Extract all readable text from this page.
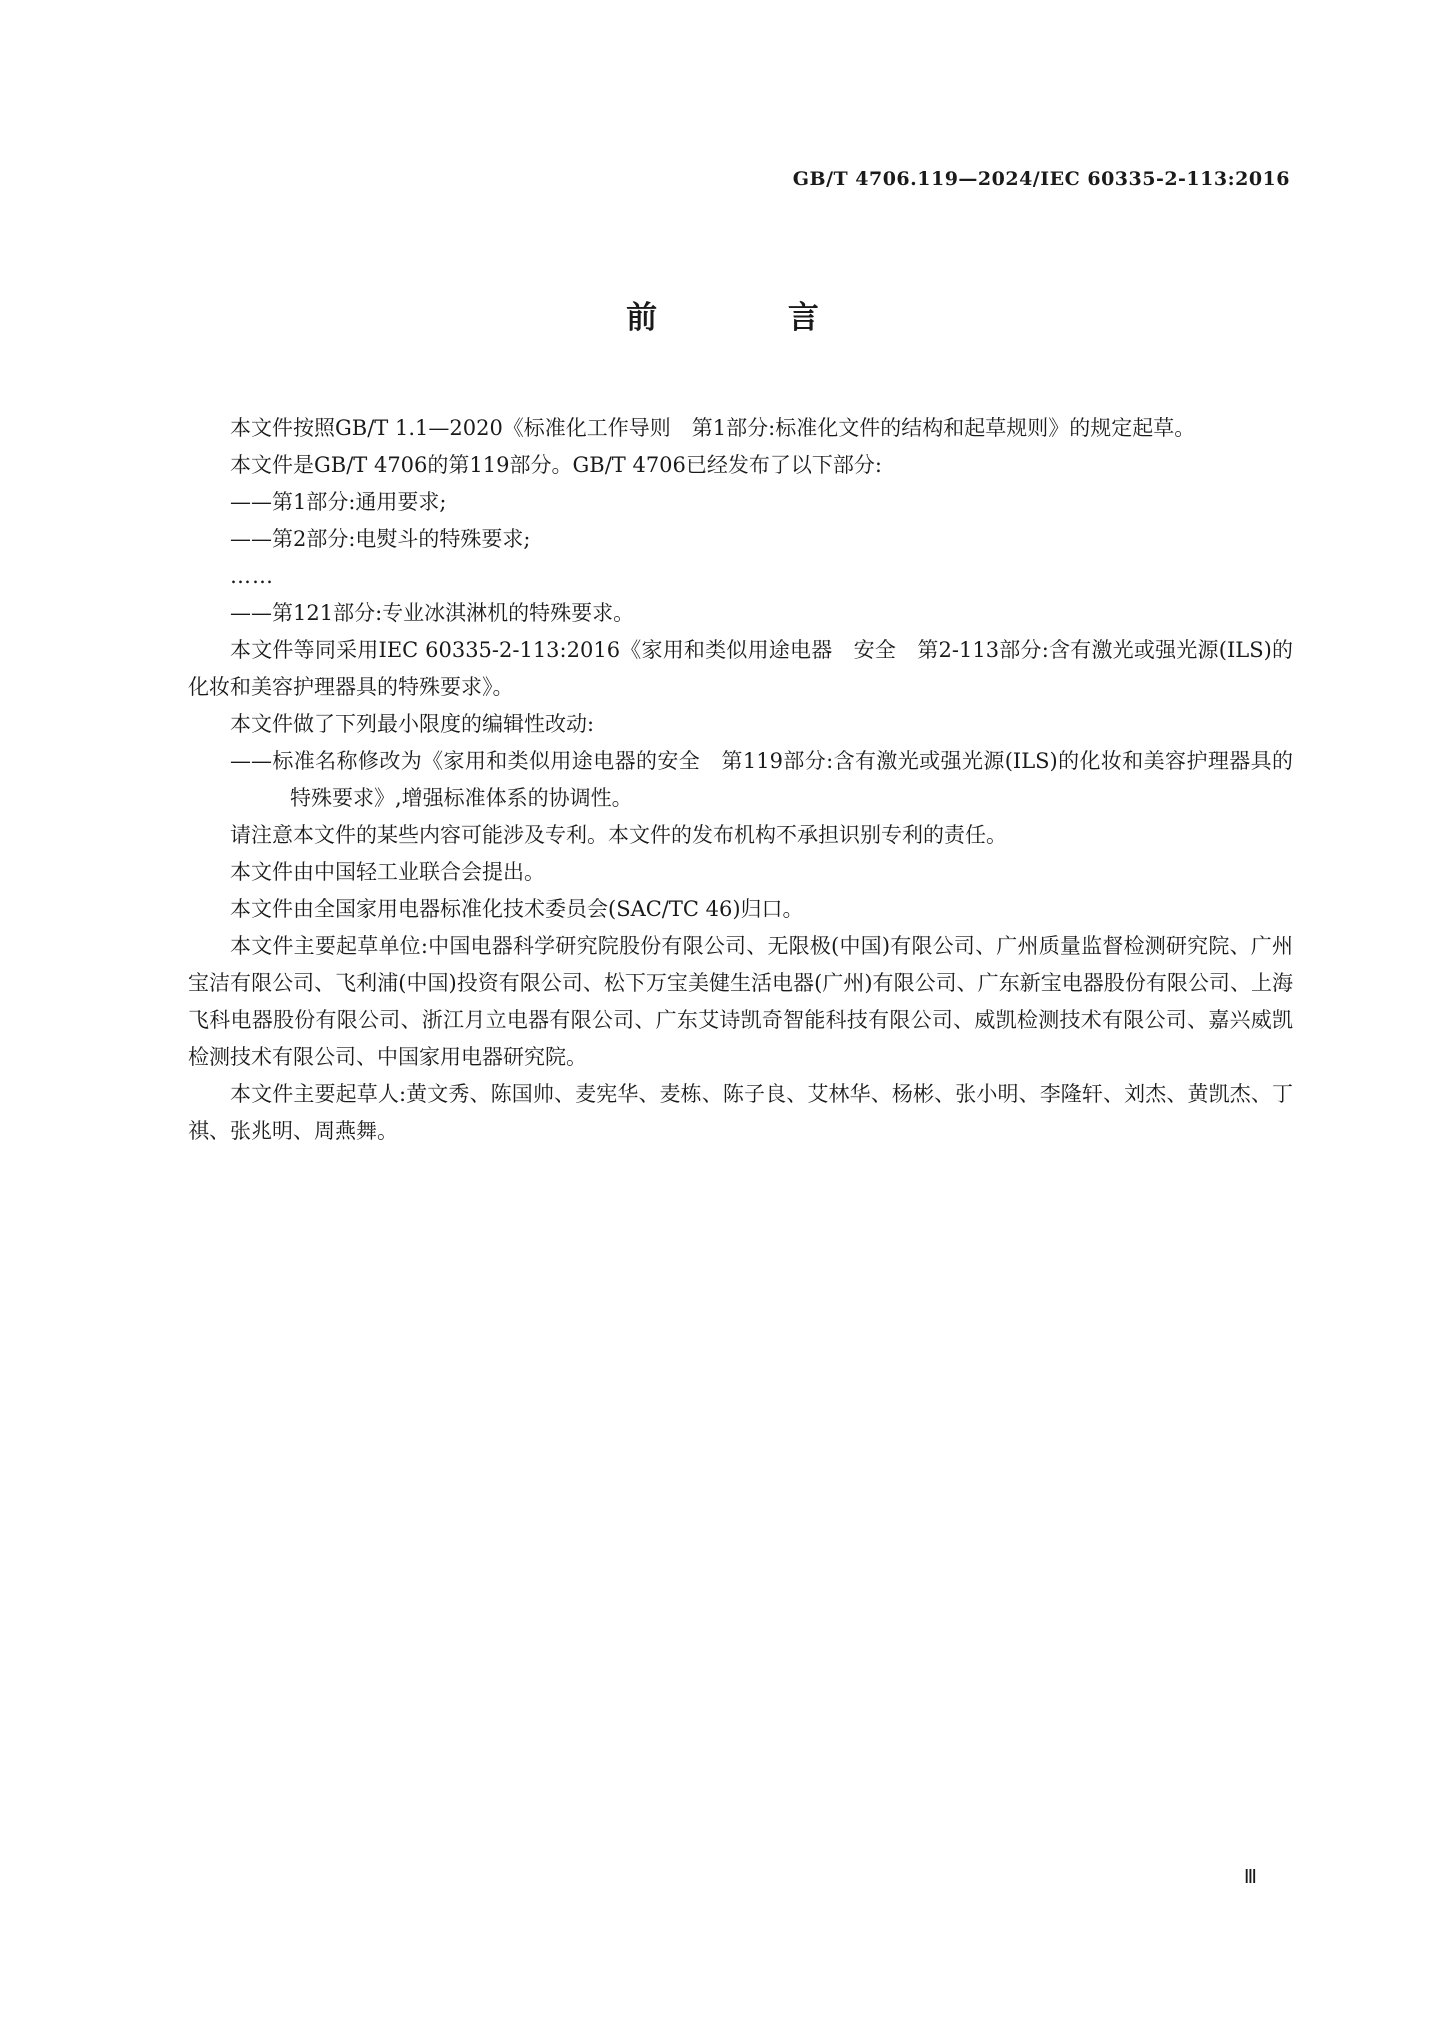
GB/T 4706.119—2024/IEC 60335-2-113:2016
前 言

本文件按照GB/T 1.1—2020《标准化工作导则　第1部分:标准化文件的结构和起草规则》的规定起草。

本文件是GB/T 4706的第119部分。GB/T 4706已经发布了以下部分:

——第1部分:通用要求;

——第2部分:电熨斗的特殊要求;

……

——第121部分:专业冰淇淋机的特殊要求。

本文件等同采用IEC 60335-2-113:2016《家用和类似用途电器　安全　第2-113部分:含有激光或强光源(ILS)的化妆和美容护理器具的特殊要求》。

本文件做了下列最小限度的编辑性改动:

——标准名称修改为《家用和类似用途电器的安全　第119部分:含有激光或强光源(ILS)的化妆和美容护理器具的特殊要求》,增强标准体系的协调性。

请注意本文件的某些内容可能涉及专利。本文件的发布机构不承担识别专利的责任。

本文件由中国轻工业联合会提出。

本文件由全国家用电器标准化技术委员会(SAC/TC 46)归口。

本文件主要起草单位:中国电器科学研究院股份有限公司、无限极(中国)有限公司、广州质量监督检测研究院、广州宝洁有限公司、飞利浦(中国)投资有限公司、松下万宝美健生活电器(广州)有限公司、广东新宝电器股份有限公司、上海飞科电器股份有限公司、浙江月立电器有限公司、广东艾诗凯奇智能科技有限公司、威凯检测技术有限公司、嘉兴威凯检测技术有限公司、中国家用电器研究院。

本文件主要起草人:黄文秀、陈国帅、麦宪华、麦栋、陈子良、艾林华、杨彬、张小明、李隆轩、刘杰、黄凯杰、丁祺、张兆明、周燕舞。

Ⅲ
